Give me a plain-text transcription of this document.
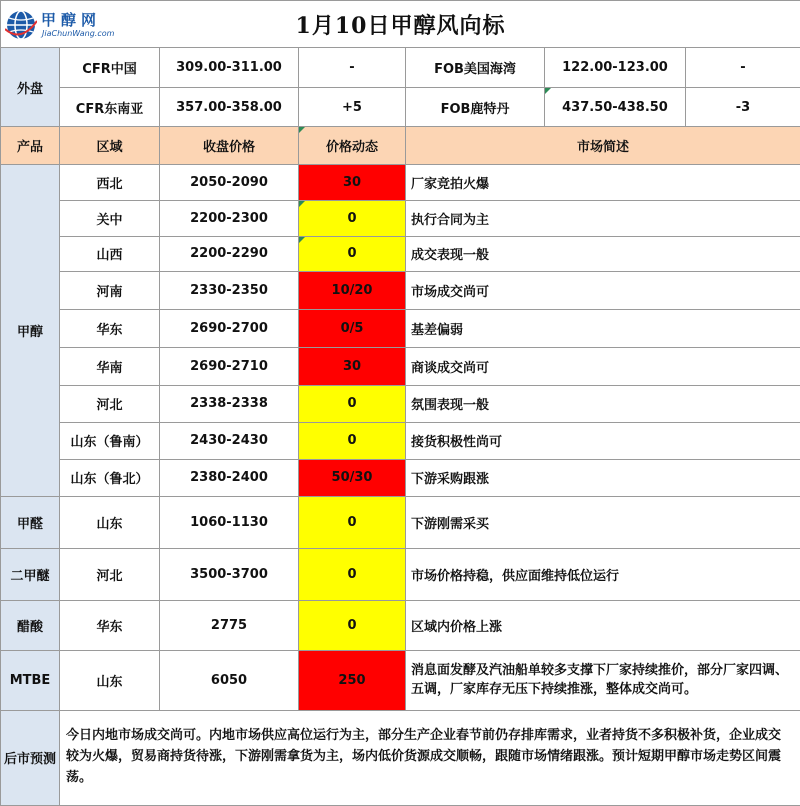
甲醇网
JiaChunWang.com 1月10日甲醇风向标						
外盘	CFR中国	309.00-311.00	-	FOB美国海湾	122.00-123.00	-
	CFR东南亚	357.00-358.00	+5	FOB鹿特丹	437.50-438.50	-3
产品	区域	收盘价格	价格动态	市场简述		
甲醇	西北	2050-2090	30	厂家竞拍火爆		
	关中	2200-2300	0	执行合同为主		
	山西	2200-2290	0	成交表现一般		
	河南	2330-2350	10/20	市场成交尚可		
	华东	2690-2700	0/5	基差偏弱		
	华南	2690-2710	30	商谈成交尚可		
	河北	2338-2338	0	氛围表现一般		
	山东（鲁南）	2430-2430	0	接货积极性尚可		
	山东（鲁北）	2380-2400	50/30	下游采购跟涨		
甲醛	山东	1060-1130	0	下游刚需采买		
二甲醚	河北	3500-3700	0	市场价格持稳，供应面维持低位运行		
醋酸	华东	2775	0	区域内价格上涨		
MTBE	山东	6050	250	消息面发酵及汽油船单较多支撑下厂家持续推价，部分厂家四调、五调，厂家库存无压下持续推涨，整体成交尚可。		
后市预测	今日内地市场成交尚可。内地市场供应高位运行为主，部分生产企业春节前仍存排库需求，业者持货不多积极补货，企业成交较为火爆，贸易商持货待涨，下游刚需拿货为主，场内低价货源成交顺畅，跟随市场情绪跟涨。预计短期甲醇市场走势区间震荡。					
